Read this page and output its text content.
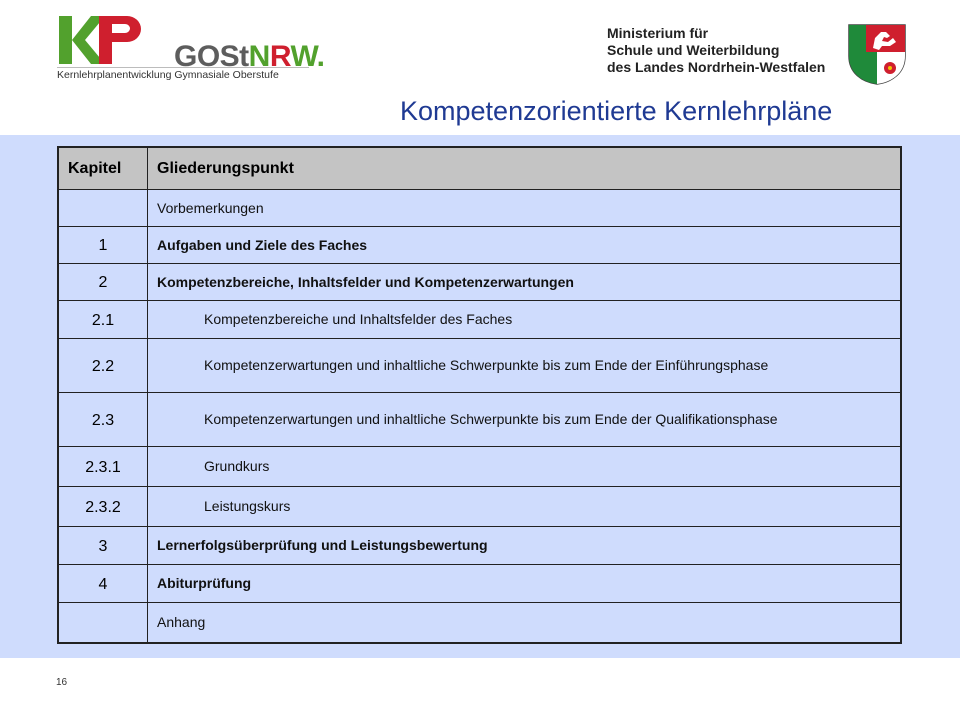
GOStNRW.
Kernlehrplanentwicklung Gymnasiale Oberstufe
Ministerium für
Schule und Weiterbildung
des Landes Nordrhein-Westfalen
Kompetenzorientierte Kernlehrpläne
Kapitel	Gliederungspunkt
	Vorbemerkungen
1	Aufgaben und Ziele des Faches
2	Kompetenzbereiche, Inhaltsfelder und Kompetenzerwartungen
2.1	Kompetenzbereiche und Inhaltsfelder des Faches
2.2	Kompetenzerwartungen und inhaltliche Schwerpunkte bis zum Ende der Einführungsphase
2.3	Kompetenzerwartungen und inhaltliche Schwerpunkte bis zum Ende der Qualifikationsphase
2.3.1	Grundkurs
2.3.2	Leistungskurs
3	Lernerfolgsüberprüfung und Leistungsbewertung
4	Abiturprüfung
	Anhang
16
